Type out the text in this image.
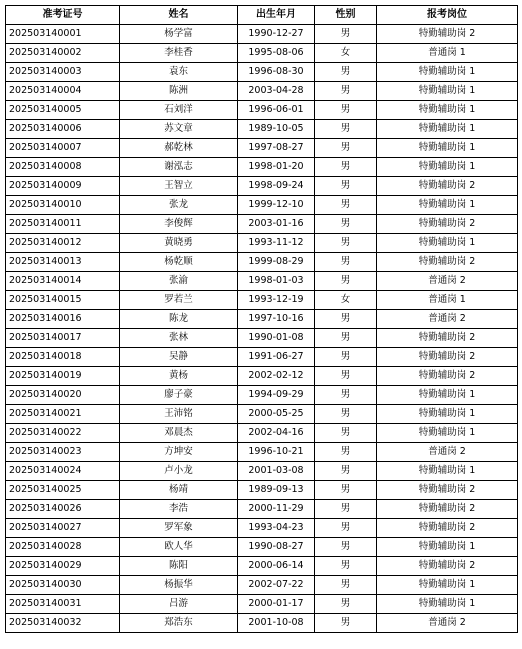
准考证号	姓名	出生年月	性别	报考岗位
202503140001	杨学富	1990-12-27	男	特勤辅助岗 2
202503140002	李桂香	1995-08-06	女	普通岗 1
202503140003	袁东	1996-08-30	男	特勤辅助岗 1
202503140004	陈洲	2003-04-28	男	特勤辅助岗 1
202503140005	石刘洋	1996-06-01	男	特勤辅助岗 1
202503140006	苏文章	1989-10-05	男	特勤辅助岗 1
202503140007	郝乾林	1997-08-27	男	特勤辅助岗 1
202503140008	谢泓志	1998-01-20	男	特勤辅助岗 1
202503140009	王智立	1998-09-24	男	特勤辅助岗 2
202503140010	张龙	1999-12-10	男	特勤辅助岗 1
202503140011	李俊辉	2003-01-16	男	特勤辅助岗 2
202503140012	黄晓勇	1993-11-12	男	特勤辅助岗 1
202503140013	杨乾顺	1999-08-29	男	特勤辅助岗 2
202503140014	张渝	1998-01-03	男	普通岗 2
202503140015	罗若兰	1993-12-19	女	普通岗 1
202503140016	陈龙	1997-10-16	男	普通岗 2
202503140017	张林	1990-01-08	男	特勤辅助岗 2
202503140018	吴静	1991-06-27	男	特勤辅助岗 2
202503140019	黄杨	2002-02-12	男	特勤辅助岗 2
202503140020	廖子豪	1994-09-29	男	特勤辅助岗 1
202503140021	王沛铭	2000-05-25	男	特勤辅助岗 1
202503140022	邓晨杰	2002-04-16	男	特勤辅助岗 1
202503140023	方坤安	1996-10-21	男	普通岗 2
202503140024	卢小龙	2001-03-08	男	特勤辅助岗 1
202503140025	杨靖	1989-09-13	男	特勤辅助岗 2
202503140026	李浩	2000-11-29	男	特勤辅助岗 2
202503140027	罗军象	1993-04-23	男	特勤辅助岗 2
202503140028	欧人华	1990-08-27	男	特勤辅助岗 1
202503140029	陈阳	2000-06-14	男	特勤辅助岗 2
202503140030	杨振华	2002-07-22	男	特勤辅助岗 1
202503140031	吕游	2000-01-17	男	特勤辅助岗 1
202503140032	郑浩东	2001-10-08	男	普通岗 2
